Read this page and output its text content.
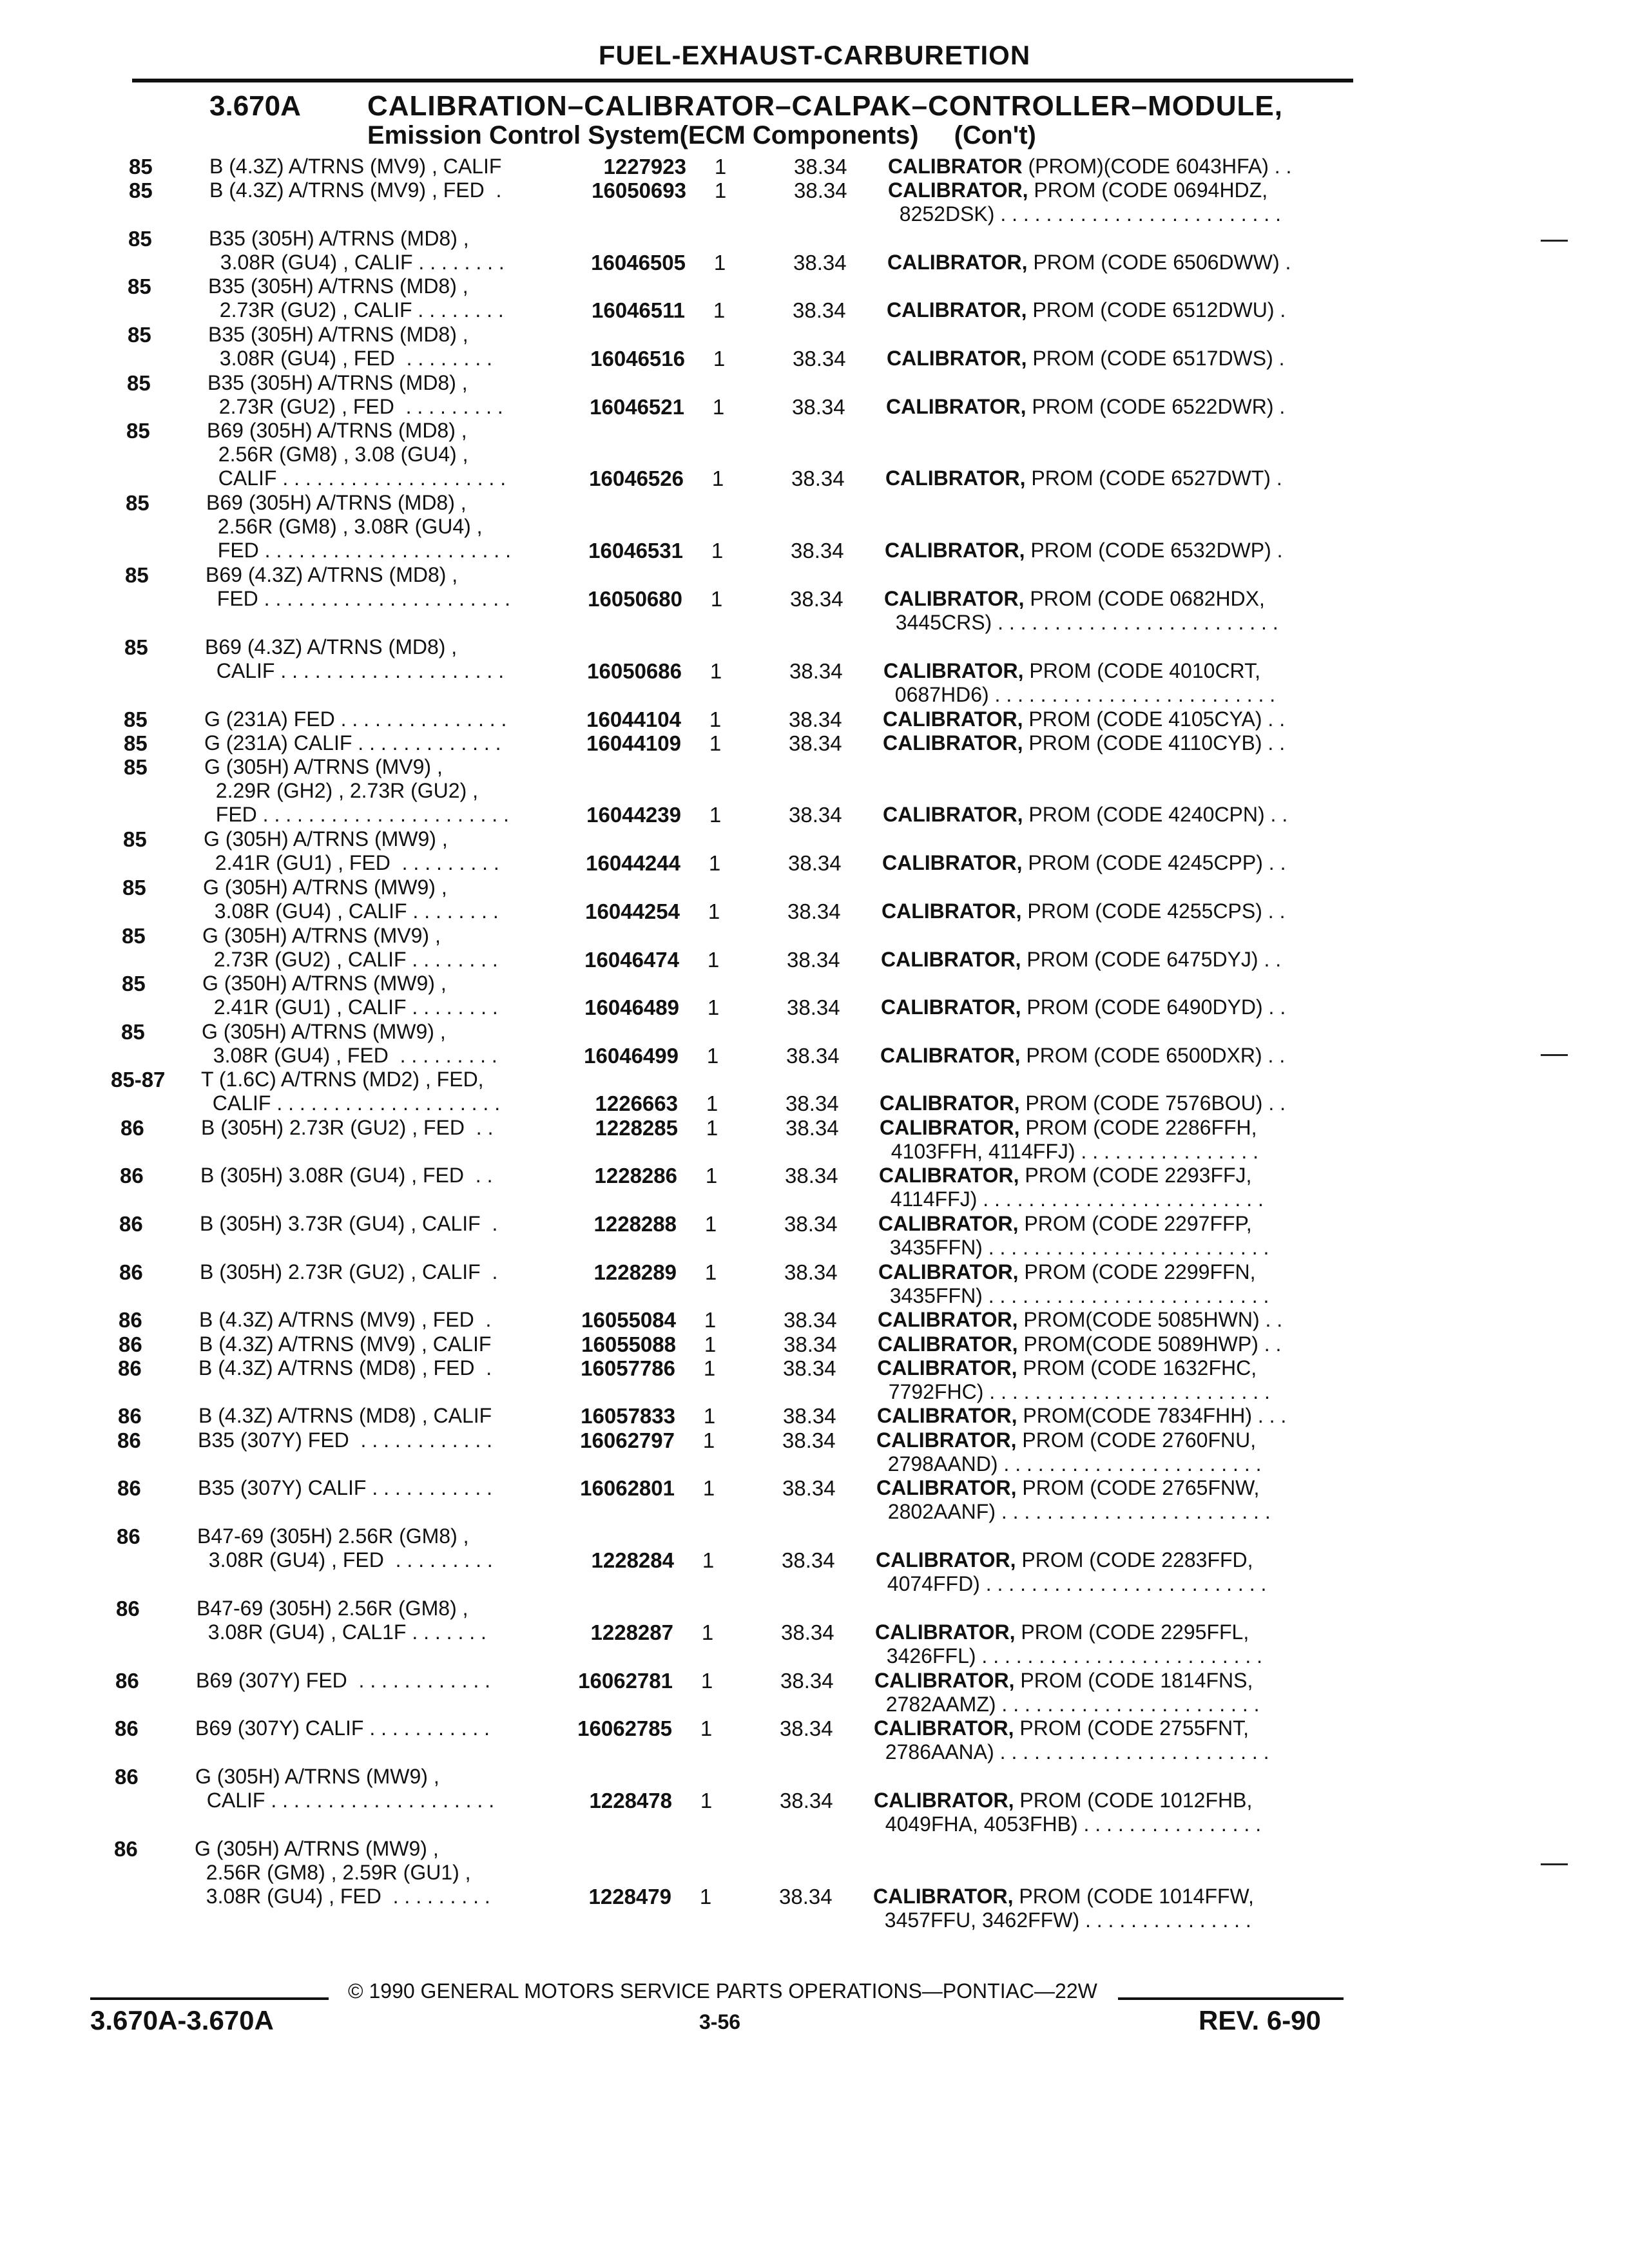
FUEL-EXHAUST-CARBURETION
3.670A CALIBRATION–CALIBRATOR–CALPAK–CONTROLLER–MODULE,
Emission Control System(ECM Components) (Con't)
85	B (4.3Z) A/TRNS (MV9) , CALIF	1227923 1	38.34	CALIBRATOR (PROM)(CODE 6043HFA) . .
85	B (4.3Z) A/TRNS (MV9) , FED  .	16050693 1	38.34	CALIBRATOR, PROM (CODE 0694HDZ,
8252DSK) . . . . . . . . . . . . . . . . . . . . . . . . .
85	B35 (305H) A/TRNS (MD8) ,
3.08R (GU4) , CALIF . . . . . . . .	16046505 1	38.34	CALIBRATOR, PROM (CODE 6506DWW) .
85	B35 (305H) A/TRNS (MD8) ,
2.73R (GU2) , CALIF . . . . . . . .	16046511 1	38.34	CALIBRATOR, PROM (CODE 6512DWU) .
85	B35 (305H) A/TRNS (MD8) ,
3.08R (GU4) , FED  . . . . . . . .	16046516 1	38.34	CALIBRATOR, PROM (CODE 6517DWS) .
85	B35 (305H) A/TRNS (MD8) ,
2.73R (GU2) , FED  . . . . . . . . .	16046521 1	38.34	CALIBRATOR, PROM (CODE 6522DWR) .
85	B69 (305H) A/TRNS (MD8) ,
2.56R (GM8) , 3.08 (GU4) ,
CALIF . . . . . . . . . . . . . . . . . . . .	16046526 1	38.34	CALIBRATOR, PROM (CODE 6527DWT) .
85	B69 (305H) A/TRNS (MD8) ,
2.56R (GM8) , 3.08R (GU4) ,
FED . . . . . . . . . . . . . . . . . . . . . .	16046531 1	38.34	CALIBRATOR, PROM (CODE 6532DWP) .
85	B69 (4.3Z) A/TRNS (MD8) ,
FED . . . . . . . . . . . . . . . . . . . . . .	16050680 1	38.34	CALIBRATOR, PROM (CODE 0682HDX,
3445CRS) . . . . . . . . . . . . . . . . . . . . . . . . .
85	B69 (4.3Z) A/TRNS (MD8) ,
CALIF . . . . . . . . . . . . . . . . . . . .	16050686 1	38.34	CALIBRATOR, PROM (CODE 4010CRT,
0687HD6) . . . . . . . . . . . . . . . . . . . . . . . . .
85	G (231A) FED . . . . . . . . . . . . . . .	16044104 1	38.34	CALIBRATOR, PROM (CODE 4105CYA) . .
85	G (231A) CALIF . . . . . . . . . . . . .	16044109 1	38.34	CALIBRATOR, PROM (CODE 4110CYB) . .
85	G (305H) A/TRNS (MV9) ,
2.29R (GH2) , 2.73R (GU2) ,
FED . . . . . . . . . . . . . . . . . . . . . .	16044239 1	38.34	CALIBRATOR, PROM (CODE 4240CPN) . .
85	G (305H) A/TRNS (MW9) ,
2.41R (GU1) , FED  . . . . . . . . .	16044244 1	38.34	CALIBRATOR, PROM (CODE 4245CPP) . .
85	G (305H) A/TRNS (MW9) ,
3.08R (GU4) , CALIF . . . . . . . .	16044254 1	38.34	CALIBRATOR, PROM (CODE 4255CPS) . .
85	G (305H) A/TRNS (MV9) ,
2.73R (GU2) , CALIF . . . . . . . .	16046474 1	38.34	CALIBRATOR, PROM (CODE 6475DYJ) . .
85	G (350H) A/TRNS (MW9) ,
2.41R (GU1) , CALIF . . . . . . . .	16046489 1	38.34	CALIBRATOR, PROM (CODE 6490DYD) . .
85	G (305H) A/TRNS (MW9) ,
3.08R (GU4) , FED  . . . . . . . . .	16046499 1	38.34	CALIBRATOR, PROM (CODE 6500DXR) . .
85-87	T (1.6C) A/TRNS (MD2) , FED,
CALIF . . . . . . . . . . . . . . . . . . . .	1226663 1	38.34	CALIBRATOR, PROM (CODE 7576BOU) . .
86	B (305H) 2.73R (GU2) , FED  . .	1228285 1	38.34	CALIBRATOR, PROM (CODE 2286FFH,
4103FFH, 4114FFJ) . . . . . . . . . . . . . . . .
86	B (305H) 3.08R (GU4) , FED  . .	1228286 1	38.34	CALIBRATOR, PROM (CODE 2293FFJ,
4114FFJ) . . . . . . . . . . . . . . . . . . . . . . . . .
86	B (305H) 3.73R (GU4) , CALIF  .	1228288 1	38.34	CALIBRATOR, PROM (CODE 2297FFP,
3435FFN) . . . . . . . . . . . . . . . . . . . . . . . . .
86	B (305H) 2.73R (GU2) , CALIF  .	1228289 1	38.34	CALIBRATOR, PROM (CODE 2299FFN,
3435FFN) . . . . . . . . . . . . . . . . . . . . . . . . .
86	B (4.3Z) A/TRNS (MV9) , FED  .	16055084 1	38.34	CALIBRATOR, PROM(CODE 5085HWN) . .
86	B (4.3Z) A/TRNS (MV9) , CALIF	16055088 1	38.34	CALIBRATOR, PROM(CODE 5089HWP) . .
86	B (4.3Z) A/TRNS (MD8) , FED  .	16057786 1	38.34	CALIBRATOR, PROM (CODE 1632FHC,
7792FHC) . . . . . . . . . . . . . . . . . . . . . . . . .
86	B (4.3Z) A/TRNS (MD8) , CALIF	16057833 1	38.34	CALIBRATOR, PROM(CODE 7834FHH) . . .
86	B35 (307Y) FED  . . . . . . . . . . . .	16062797 1	38.34	CALIBRATOR, PROM (CODE 2760FNU,
2798AAND) . . . . . . . . . . . . . . . . . . . . . . .
86	B35 (307Y) CALIF . . . . . . . . . . .	16062801 1	38.34	CALIBRATOR, PROM (CODE 2765FNW,
2802AANF) . . . . . . . . . . . . . . . . . . . . . . . .
86	B47-69 (305H) 2.56R (GM8) ,
3.08R (GU4) , FED  . . . . . . . . .	1228284 1	38.34	CALIBRATOR, PROM (CODE 2283FFD,
4074FFD) . . . . . . . . . . . . . . . . . . . . . . . . .
86	B47-69 (305H) 2.56R (GM8) ,
3.08R (GU4) , CAL1F . . . . . . .	1228287 1	38.34	CALIBRATOR, PROM (CODE 2295FFL,
3426FFL) . . . . . . . . . . . . . . . . . . . . . . . . .
86	B69 (307Y) FED  . . . . . . . . . . . .	16062781 1	38.34	CALIBRATOR, PROM (CODE 1814FNS,
2782AAMZ) . . . . . . . . . . . . . . . . . . . . . . .
86	B69 (307Y) CALIF . . . . . . . . . . .	16062785 1	38.34	CALIBRATOR, PROM (CODE 2755FNT,
2786AANA) . . . . . . . . . . . . . . . . . . . . . . . .
86	G (305H) A/TRNS (MW9) ,
CALIF . . . . . . . . . . . . . . . . . . . .	1228478 1	38.34	CALIBRATOR, PROM (CODE 1012FHB,
4049FHA, 4053FHB) . . . . . . . . . . . . . . . .
86	G (305H) A/TRNS (MW9) ,
2.56R (GM8) , 2.59R (GU1) ,
3.08R (GU4) , FED  . . . . . . . . .	1228479 1	38.34	CALIBRATOR, PROM (CODE 1014FFW,
3457FFU, 3462FFW) . . . . . . . . . . . . . . .
© 1990 GENERAL MOTORS SERVICE PARTS OPERATIONS—PONTIAC—22W
3.670A-3.670A	3-56	REV. 6-90
